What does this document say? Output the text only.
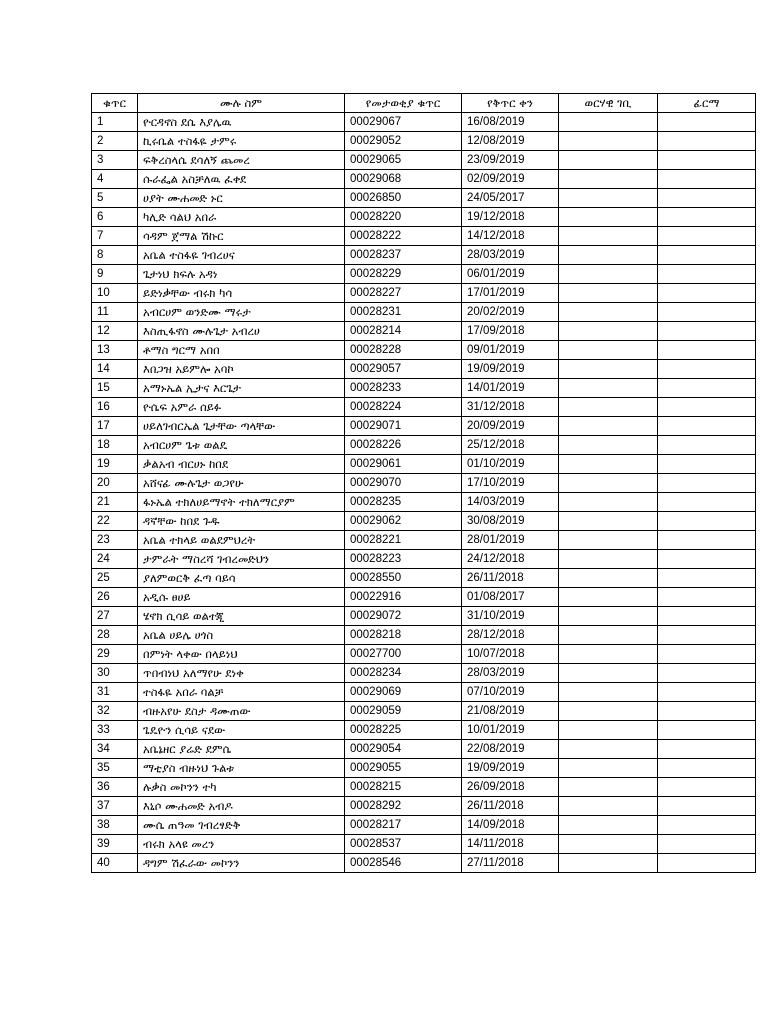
ቁጥር	ሙሉ ስም	የመታወቂያ ቁጥር	የቅጥር ቀን	ወርሃዊ ገቢ	ፊርማ
1	ዮርዳኖስ ደሴ እያሌዉ	00029067	16/08/2019		
2	ኪሩቤል ተስፋዬ ታምሩ	00029052	12/08/2019		
3	ፍቅረስላሴ ደሳለኝ ጨመረ	00029065	23/09/2019		
4	ሱራፌል አስቻለዉ ፈቀደ	00029068	02/09/2019		
5	ሀያት ሙሐመድ ኑር	00026850	24/05/2017		
6	ካሊድ ሳልህ አበራ	00028220	19/12/2018		
7	ሳዳም ጀማል ሽኩር	00028222	14/12/2018		
8	አቤል ተስፋዬ ገብረሀና	00028237	28/03/2019		
9	ጌታነህ ክፍሉ አዳነ	00028229	06/01/2019		
10	ይድነቃቸው ብሩክ ካሳ	00028227	17/01/2019		
11	አብርሀም ወንድሙ ማሩታ	00028231	20/02/2019		
12	እስጢፋኖስ ሙሉጌታ አብረሀ	00028214	17/09/2018		
13	ቶማስ ግርማ አበበ	00028228	09/01/2019		
14	እበጋዝ አይምሎ አባኮ	00029057	19/09/2019		
15	አማኑኤል ኢታና እርጌታ	00028233	14/01/2019		
16	ዮሴፍ አምራ ሰይፉ	00028224	31/12/2018		
17	ሀይለገብርኤል ጌታቸው ጣላቸው	00029071	20/09/2019		
18	አብርሀም ጌቱ ወልዴ	00028226	25/12/2018		
19	ቃልአብ ብርሀኑ ከበደ	00029061	01/10/2019		
20	አሸናፊ ሙሉጌታ ወጋየሁ	00029070	17/10/2019		
21	ፋኑኤል ተክለሀይማኖት ተክለማርያም	00028235	14/03/2019		
22	ዳኛቸው ከበደ ጉዱ	00029062	30/08/2019		
23	አቤል ተክላይ ወልደምህረት	00028221	28/01/2019		
24	ታምራት ማስረሻ ገብረመድህን	00028223	24/12/2018		
25	ያለምወርቅ ፈጣ ባይሳ	00028550	26/11/2018		
26	አዲሱ ፀሀይ	00022916	01/08/2017		
27	ሄኖክ ሲሳይ ወልተጂ	00029072	31/10/2019		
28	አቤል ሀይሌ ሀጎስ	00028218	28/12/2018		
29	በምነት ላቀው በላይነህ	00027700	10/07/2018		
30	ጥበብነህ አለማየሁ ደነቀ	00028234	28/03/2019		
31	ተስፋዬ አበራ ባልቻ	00029069	07/10/2019		
32	ብዙአየሁ ደስታ ዳሙጠው	00029059	21/08/2019		
33	ጌዴዮን ሲሳይ ናደው	00028225	10/01/2019		
34	አቤኔዘር ያሬድ ደምሴ	00029054	22/08/2019		
35	ማቲያስ ብዙነህ ጉልቱ	00029055	19/09/2019		
36	ሉቃስ መኮንን ተካ	00028215	26/09/2018		
37	እኒሶ ሙሐመድ አብዶ	00028292	26/11/2018		
38	ሙሴ ጠዓመ ገብረፃድቅ	00028217	14/09/2018		
39	ብሩክ አላዩ መረን	00028537	14/11/2018		
40	ዳግም ሽፈራው መኮንን	00028546	27/11/2018		
